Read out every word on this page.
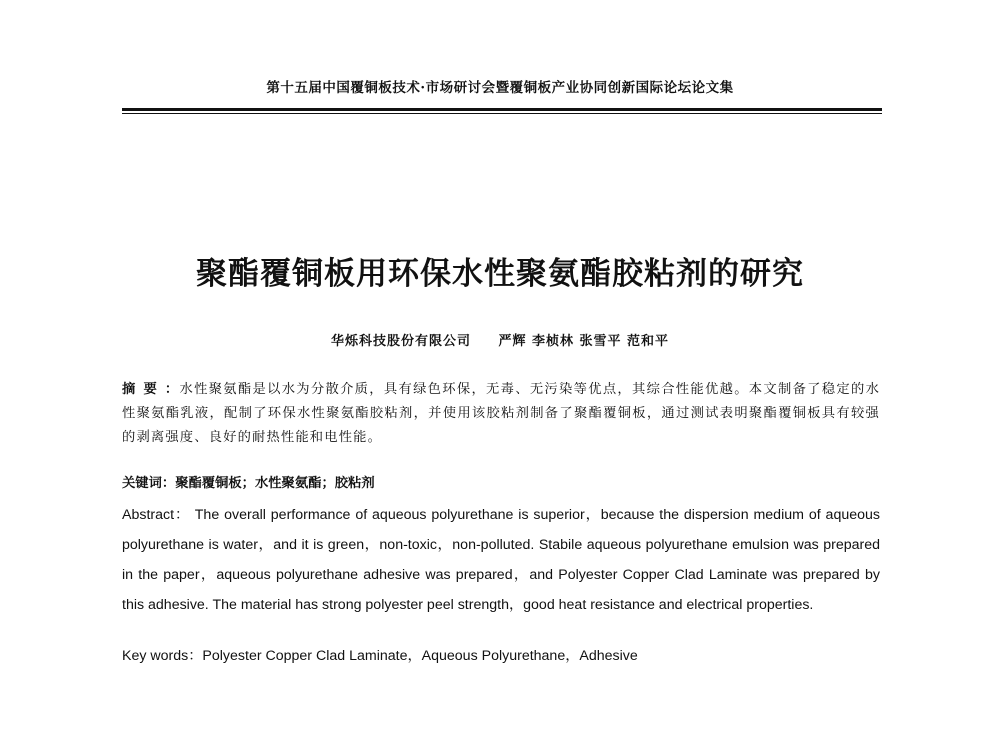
第十五届中国覆铜板技术·市场研讨会暨覆铜板产业协同创新国际论坛论文集
聚酯覆铜板用环保水性聚氨酯胶粘剂的研究
华烁科技股份有限公司 严辉 李桢林 张雪平 范和平
摘要：水性聚氨酯是以水为分散介质，具有绿色环保，无毒、无污染等优点，其综合性能优越。本文制备了稳定的水性聚氨酯乳液，配制了环保水性聚氨酯胶粘剂，并使用该胶粘剂制备了聚酯覆铜板，通过测试表明聚酯覆铜板具有较强的剥离强度、良好的耐热性能和电性能。
关键词：聚酯覆铜板；水性聚氨酯；胶粘剂
Abstract： The overall performance of aqueous polyurethane is superior，because the dispersion medium of aqueous polyurethane is water，and it is green，non-toxic，non-polluted. Stabile aqueous polyurethane emulsion was prepared in the paper，aqueous polyurethane adhesive was prepared，and Polyester Copper Clad Laminate was prepared by this adhesive. The material has strong polyester peel strength，good heat resistance and electrical properties.
Key words：Polyester Copper Clad Laminate，Aqueous Polyurethane，Adhesive
